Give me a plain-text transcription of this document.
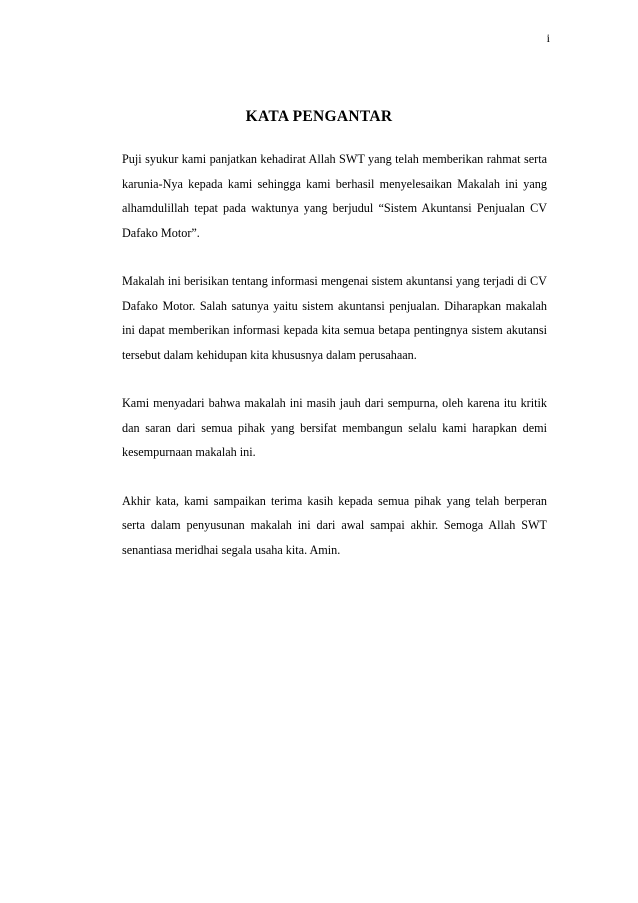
i
KATA PENGANTAR

Puji syukur kami panjatkan kehadirat Allah SWT yang telah memberikan rahmat serta karunia-Nya kepada kami sehingga kami berhasil menyelesaikan Makalah ini yang alhamdulillah tepat pada waktunya yang berjudul “Sistem Akuntansi Penjualan CV Dafako Motor”.

Makalah ini berisikan tentang informasi mengenai sistem akuntansi yang terjadi di CV Dafako Motor. Salah satunya yaitu sistem akuntansi penjualan. Diharapkan makalah ini dapat memberikan informasi kepada kita semua betapa pentingnya sistem akutansi tersebut dalam kehidupan kita khususnya dalam perusahaan.

Kami menyadari bahwa makalah ini masih jauh dari sempurna, oleh karena itu kritik dan saran dari semua pihak yang bersifat membangun selalu kami harapkan demi kesempurnaan makalah ini.

Akhir kata, kami sampaikan terima kasih kepada semua pihak yang telah berperan serta dalam penyusunan makalah ini dari awal sampai akhir. Semoga Allah SWT senantiasa meridhai segala usaha kita. Amin.
